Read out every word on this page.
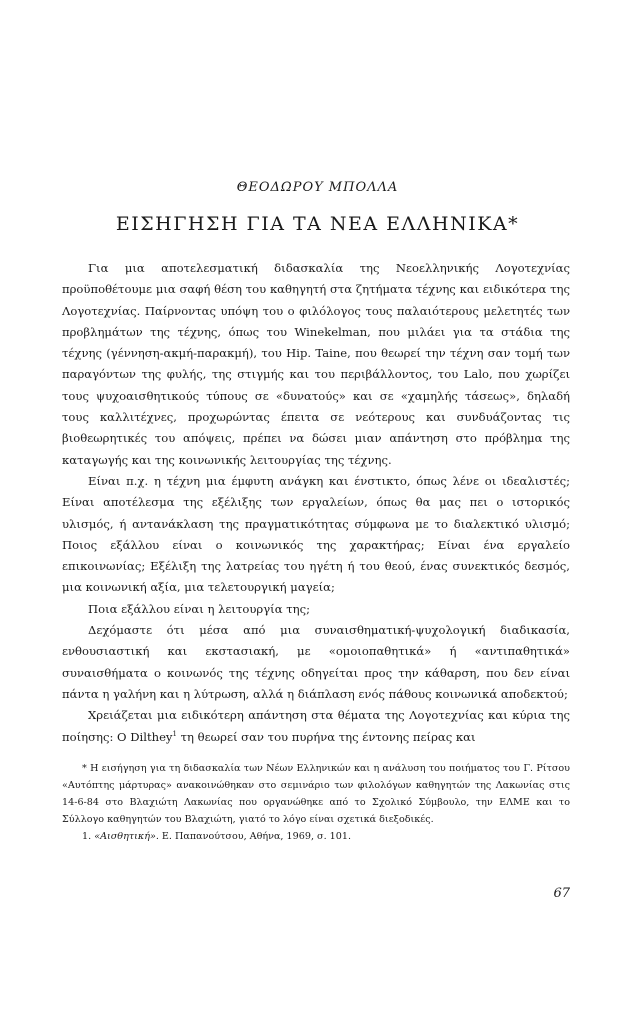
ΘΕΟΔΩΡΟΥ ΜΠΟΛΛΑ
ΕΙΣΗΓΗΣΗ ΓΙΑ ΤΑ ΝΕΑ ΕΛΛΗΝΙΚΑ*

Για μια αποτελεσματική διδασκαλία της Νεοελληνικής Λογοτεχνίας προϋποθέτουμε μια σαφή θέση του καθηγητή στα ζητήματα τέχνης και ειδικότερα της Λογοτεχνίας. Παίρνοντας υπόψη του ο φιλόλογος τους παλαιότερους μελετητές των προβλημάτων της τέχνης, όπως του Winekelman, που μιλάει για τα στάδια της τέχνης (γέννηση-ακμή-παρακμή), του Hip. Taine, που θεωρεί την τέχνη σαν τομή των παραγόντων της φυλής, της στιγμής και του περιβάλλοντος, του Lalo, που χωρίζει τους ψυχοαισθητικούς τύπους σε «δυνατούς» και σε «χαμηλής τάσεως», δηλαδή τους καλλιτέχνες, προχωρώντας έπειτα σε νεότερους και συνδυάζοντας τις βιοθεωρητικές του απόψεις, πρέπει να δώσει μιαν απάντηση στο πρόβλημα της καταγωγής και της κοινωνικής λειτουργίας της τέχνης.

Είναι π.χ. η τέχνη μια έμφυτη ανάγκη και ένστικτο, όπως λένε οι ιδεαλιστές; Είναι αποτέλεσμα της εξέλιξης των εργαλείων, όπως θα μας πει ο ιστορικός υλισμός, ή αντανάκλαση της πραγματικότητας σύμφωνα με το διαλεκτικό υλισμό; Ποιος εξάλλου είναι ο κοινωνικός της χαρακτήρας; Είναι ένα εργαλείο επικοινωνίας; Εξέλιξη της λατρείας του ηγέτη ή του θεού, ένας συνεκτικός δεσμός, μια κοινωνική αξία, μια τελετουργική μαγεία;

Ποια εξάλλου είναι η λειτουργία της;

Δεχόμαστε ότι μέσα από μια συναισθηματική-ψυχολογική διαδικασία, ενθουσιαστική και εκστασιακή, με «ομοιοπαθητικά» ή «αντιπαθητικά» συναισθήματα ο κοινωνός της τέχνης οδηγείται προς την κάθαρση, που δεν είναι πάντα η γαλήνη και η λύτρωση, αλλά η διάπλαση ενός πάθους κοινωνικά αποδεκτού;

Χρειάζεται μια ειδικότερη απάντηση στα θέματα της Λογοτεχνίας και κύρια της ποίησης: Ο Dilthey$^1$ τη θεωρεί σαν του πυρήνα της έντονης πείρας και

* Η εισήγηση για τη διδασκαλία των Νέων Ελληνικών και η ανάλυση του ποιήματος του Γ. Ρίτσου «Αυτόπτης μάρτυρας» ανακοινώθηκαν στο σεμινάριο των φιλολόγων καθηγητών της Λακωνίας στις 14-6-84 στο Βλαχιώτη Λακωνίας που οργανώθηκε από το Σχολικό Σύμβουλο, την ΕΛΜΕ και το Σύλλογο καθηγητών του Βλαχιώτη, γιατό το λόγο είναι σχετικά διεξοδικές.

1. «Αισθητική». Ε. Παπανούτσου, Αθήνα, 1969, σ. 101.

67
